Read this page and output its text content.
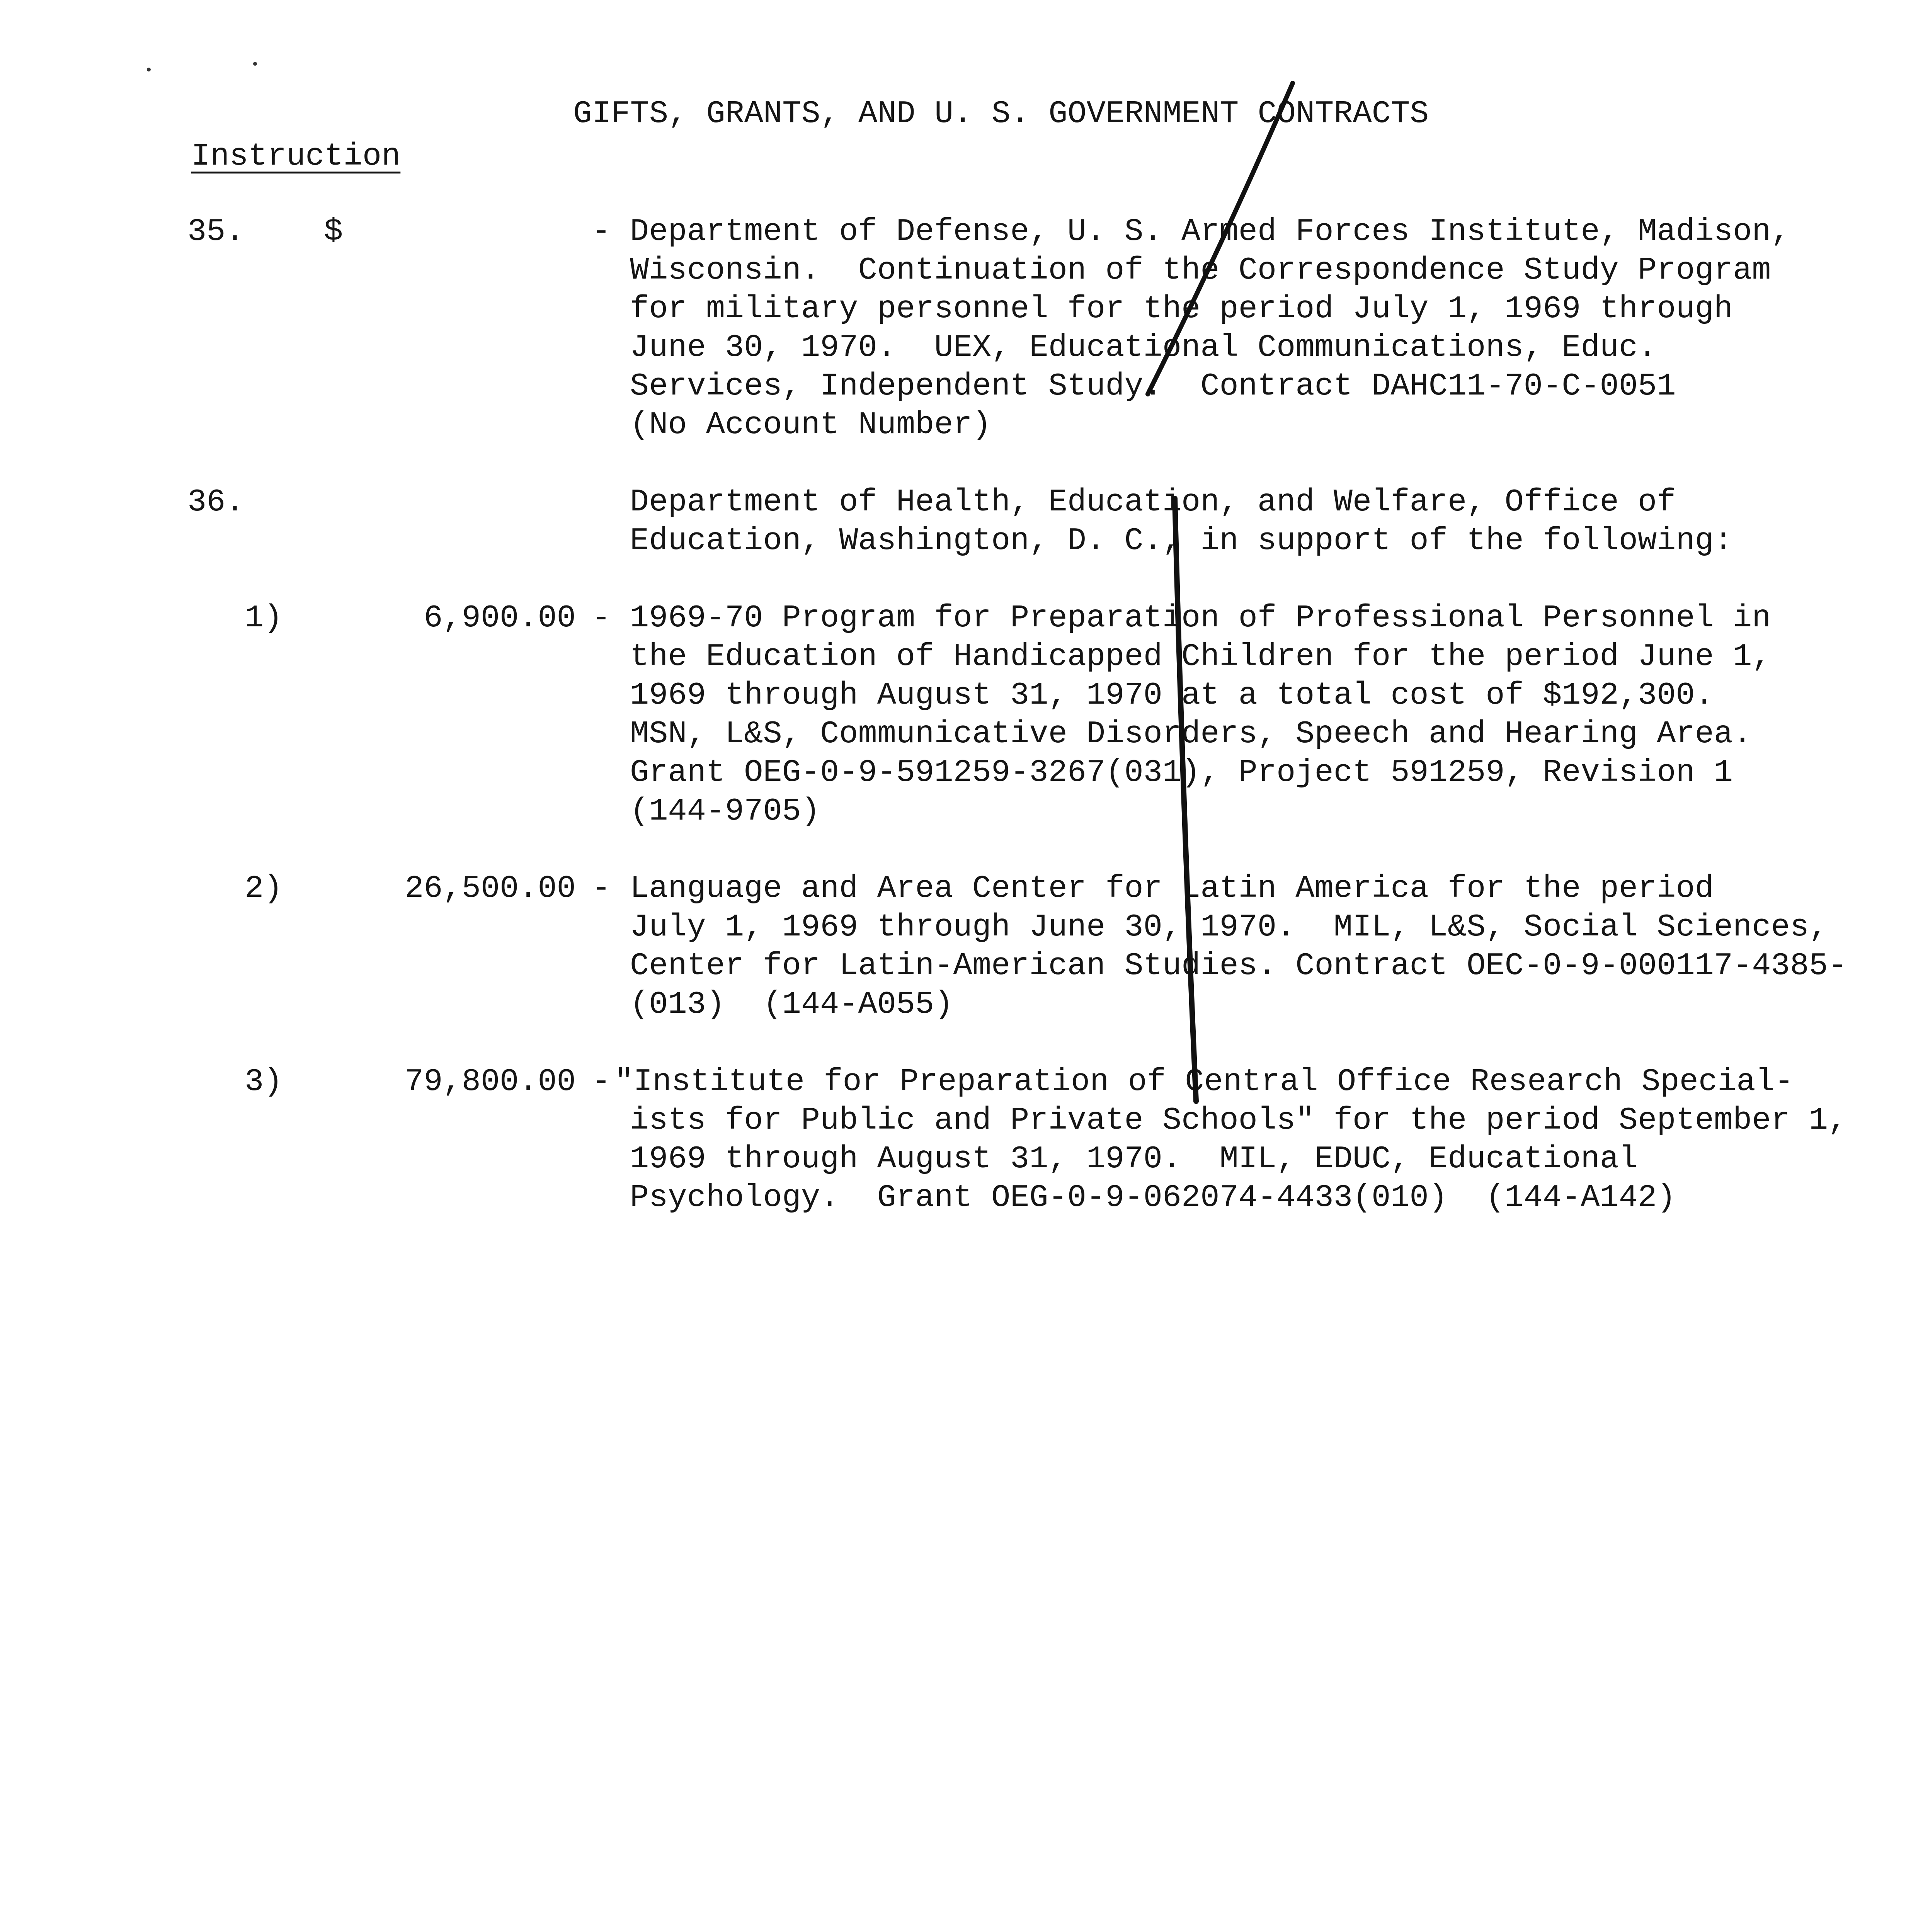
GIFTS, GRANTS, AND U. S. GOVERNMENT CONTRACTS
Instruction
35.	$	- Department of Defense, U. S. Armed Forces Institute, Madison,
Wisconsin.  Continuation of the Correspondence Study Program
for military personnel for the period July 1, 1969 through
June 30, 1970.  UEX, Educational Communications, Educ.
Services, Independent Study.  Contract DAHC11-70-C-0051
(No Account Number)
36.	Department of Health, Education, and Welfare, Office of
Education, Washington, D. C., in support of the following:
1)	6,900.00 - 1969-70 Program for Preparation of Professional Personnel in
the Education of Handicapped Children for the period June 1,
1969 through August 31, 1970 at a total cost of $192,300.
MSN, L&S, Communicative Disorders, Speech and Hearing Area.
Grant OEG-0-9-591259-3267(031), Project 591259, Revision 1
(144-9705)
2)	26,500.00 - Language and Area Center for Latin America for the period
July 1, 1969 through June 30, 1970.  MIL, L&S, Social Sciences,
Center for Latin-American Studies. Contract OEC-0-9-000117-4385-
(013)  (144-A055)
3)	79,800.00 - "Institute for Preparation of Central Office Research Special-
ists for Public and Private Schools" for the period September 1,
1969 through August 31, 1970.  MIL, EDUC, Educational
Psychology.  Grant OEG-0-9-062074-4433(010)  (144-A142)
